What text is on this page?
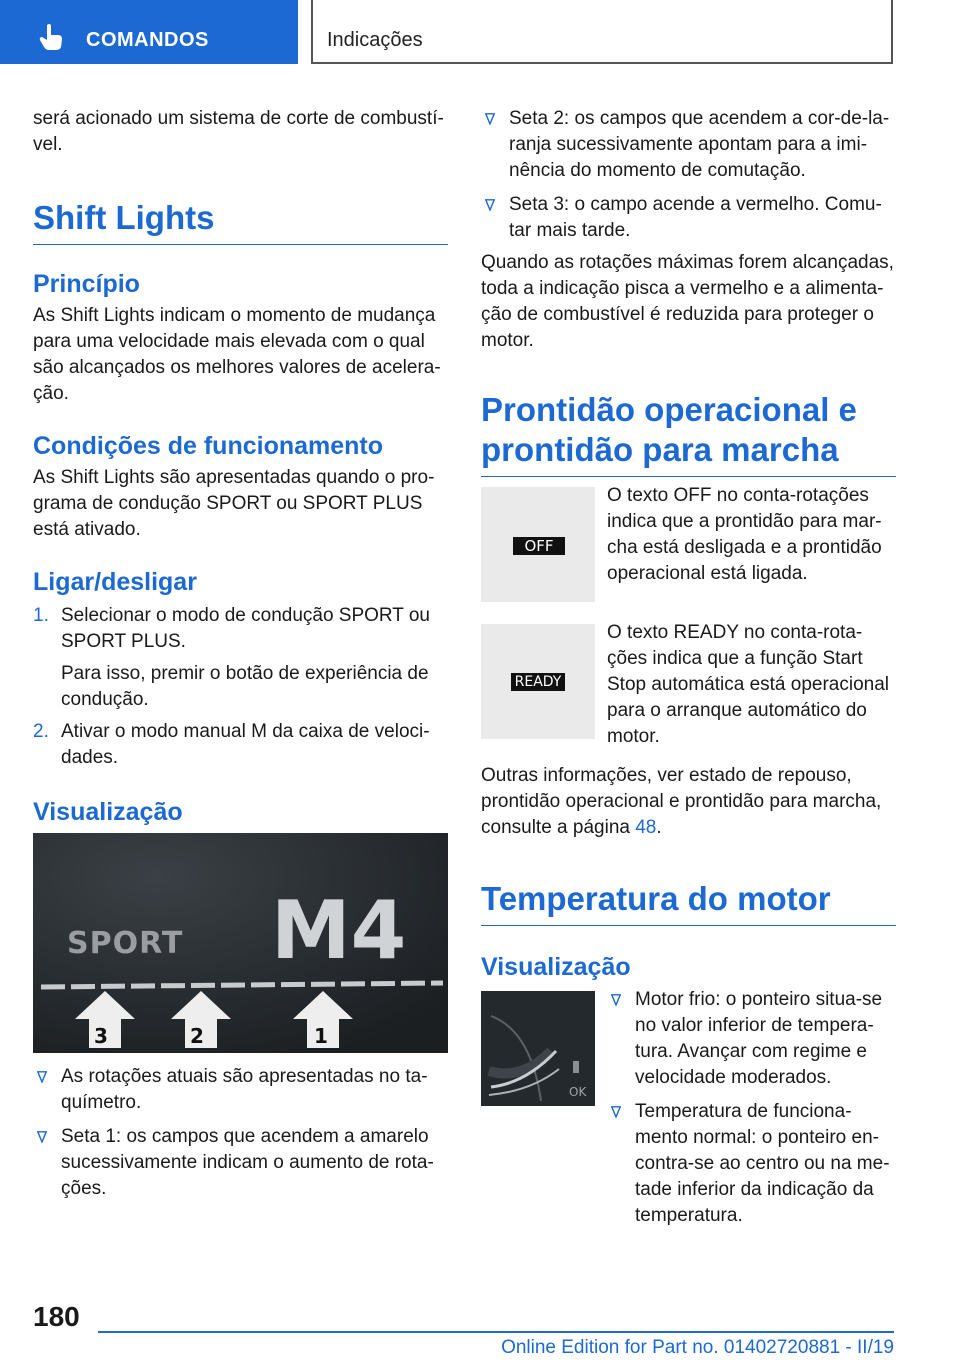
COMANDOS	Indicações

será acionado um sistema de corte de combustível.

Shift Lights
Princípio

As Shift Lights indicam o momento de mudança para uma velocidade mais elevada com o qual são alcançados os melhores valores de aceleração.

Condições de funcionamento

As Shift Lights são apresentadas quando o programa de condução SPORT ou SPORT PLUS está ativado.

Ligar/desligar
1. Selecionar o modo de condução SPORT ou SPORT PLUS.
Para isso, premir o botão de experiência de condução.
2. Ativar o modo manual M da caixa de velocidades.
Visualização
SPORT M4
3	2	1
As rotações atuais são apresentadas no taquímetro.
Seta 1: os campos que acendem a amarelo sucessivamente indicam o aumento de rotações.
Seta 2: os campos que acendem a cor-de-laranja sucessivamente apontam para a iminência do momento de comutação.
Seta 3: o campo acende a vermelho. Comutar mais tarde.

Quando as rotações máximas forem alcançadas, toda a indicação pisca a vermelho e a alimentação de combustível é reduzida para proteger o motor.

Prontidão operacional e prontidão para marcha
OFF

O texto OFF no conta-rotações indica que a prontidão para marcha está desligada e a prontidão operacional está ligada.

READY

O texto READY no conta-rotações indica que a função Start Stop automática está operacional para o arranque automático do motor.

Outras informações, ver estado de repouso, prontidão operacional e prontidão para marcha, consulte a página 48.

Temperatura do motor
Visualização
OK
Motor frio: o ponteiro situa-se no valor inferior de temperatura. Avançar com regime e velocidade moderados.
Temperatura de funcionamento normal: o ponteiro encontra-se ao centro ou na metade inferior da indicação da temperatura.
180
Online Edition for Part no. 01402720881 - II/19
